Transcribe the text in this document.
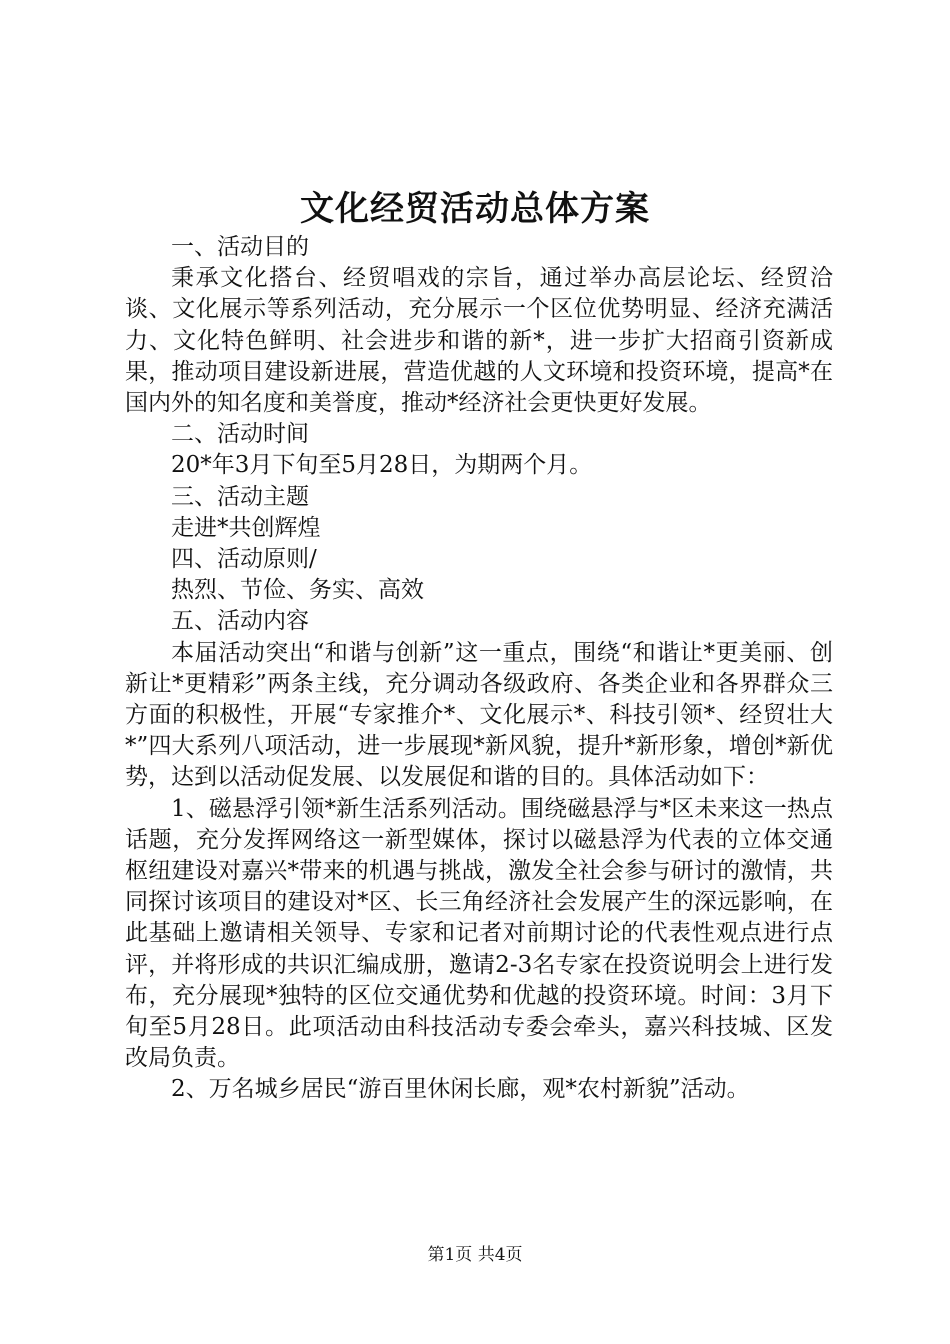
文化经贸活动总体方案

一、活动目的

秉承文化搭台、经贸唱戏的宗旨，通过举办高层论坛、经贸洽谈、文化展示等系列活动，充分展示一个区位优势明显、经济充满活力、文化特色鲜明、社会进步和谐的新*，进一步扩大招商引资新成果，推动项目建设新进展，营造优越的人文环境和投资环境，提高*在国内外的知名度和美誉度，推动*经济社会更快更好发展。

二、活动时间

20*年3月下旬至5月28日，为期两个月。

三、活动主题

走进*共创辉煌

四、活动原则/

热烈、节俭、务实、高效

五、活动内容

本届活动突出“和谐与创新”这一重点，围绕“和谐让*更美丽、创新让*更精彩”两条主线，充分调动各级政府、各类企业和各界群众三方面的积极性，开展“专家推介*、文化展示*、科技引领*、经贸壮大*”四大系列八项活动，进一步展现*新风貌，提升*新形象，增创*新优势，达到以活动促发展、以发展促和谐的目的。具体活动如下：

1、磁悬浮引领*新生活系列活动。围绕磁悬浮与*区未来这一热点话题，充分发挥网络这一新型媒体，探讨以磁悬浮为代表的立体交通枢纽建设对嘉兴*带来的机遇与挑战，激发全社会参与研讨的激情，共同探讨该项目的建设对*区、长三角经济社会发展产生的深远影响，在此基础上邀请相关领导、专家和记者对前期讨论的代表性观点进行点评，并将形成的共识汇编成册，邀请2-3名专家在投资说明会上进行发布，充分展现*独特的区位交通优势和优越的投资环境。时间：3月下旬至5月28日。此项活动由科技活动专委会牵头，嘉兴科技城、区发改局负责。

2、万名城乡居民“游百里休闲长廊，观*农村新貌”活动。

第1页 共4页
